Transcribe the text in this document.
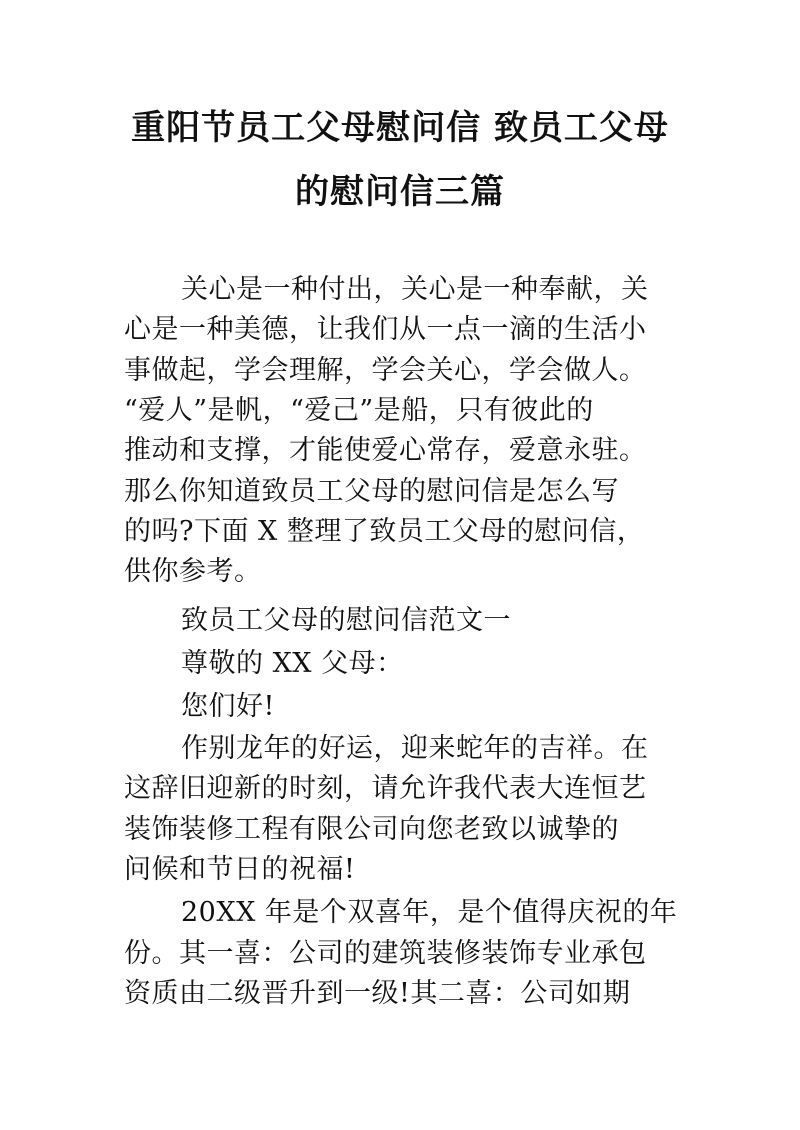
重阳节员工父母慰问信 致员工父母
的慰问信三篇
关心是一种付出，关心是一种奉献，关
心是一种美德，让我们从一点一滴的生活小
事做起，学会理解，学会关心，学会做人。
“爱人”是帆，“爱己”是船，只有彼此的
推动和支撑，才能使爱心常存，爱意永驻。
那么你知道致员工父母的慰问信是怎么写
的吗?下面 X 整理了致员工父母的慰问信，
供你参考。
致员工父母的慰问信范文一
尊敬的 XX 父母：
您们好!
作别龙年的好运，迎来蛇年的吉祥。在
这辞旧迎新的时刻，请允许我代表大连恒艺
装饰装修工程有限公司向您老致以诚挚的
问候和节日的祝福!
20XX 年是个双喜年，是个值得庆祝的年
份。其一喜：公司的建筑装修装饰专业承包
资质由二级晋升到一级!其二喜：公司如期
